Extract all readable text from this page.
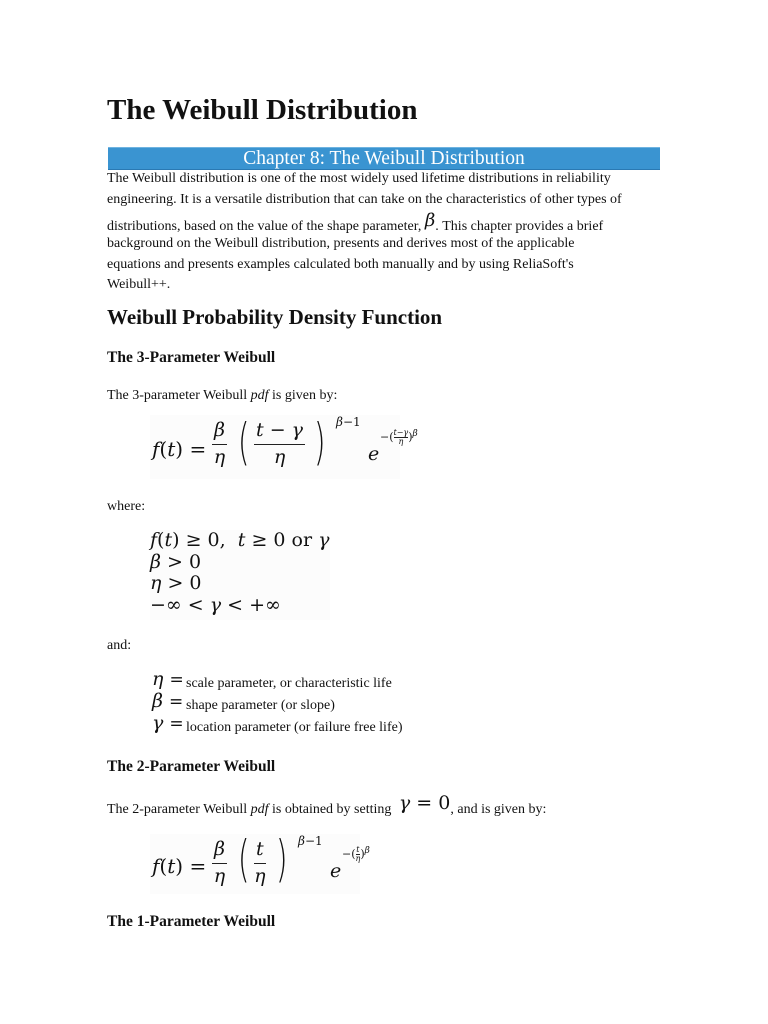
The Weibull Distribution
Chapter 8: The Weibull Distribution
The Weibull distribution is one of the most widely used lifetime distributions in reliability
engineering. It is a versatile distribution that can take on the characteristics of other types of
distributions, based on the value of the shape parameter, β. This chapter provides a brief
background on the Weibull distribution, presents and derives most of the applicable
equations and presents examples calculated both manually and by using ReliaSoft's
Weibull++.
Weibull Probability Density Function
The 3-Parameter Weibull
The 3-parameter Weibull pdf is given by:
$f(t) = \frac{\beta}{\eta}$ ( $\frac{t - \gamma}{\eta}$ ) β−1
e
−( $\frac{t-\gamma}{\eta} )^\beta$
where:
f(t) ≥ 0,  t ≥ 0 or γ
β > 0
η > 0
−∞ < γ < +∞
and:
η = scale parameter, or characteristic life
β = shape parameter (or slope)
γ = location parameter (or failure free life)
The 2-Parameter Weibull
The 2-parameter Weibull pdf is obtained by setting γ = 0, and is given by:
$f(t) = \frac{\beta}{\eta}$ ( $\frac{t}{\eta}$ ) β−1
e
−( $\frac{t}{\eta} )^\beta$
The 1-Parameter Weibull
